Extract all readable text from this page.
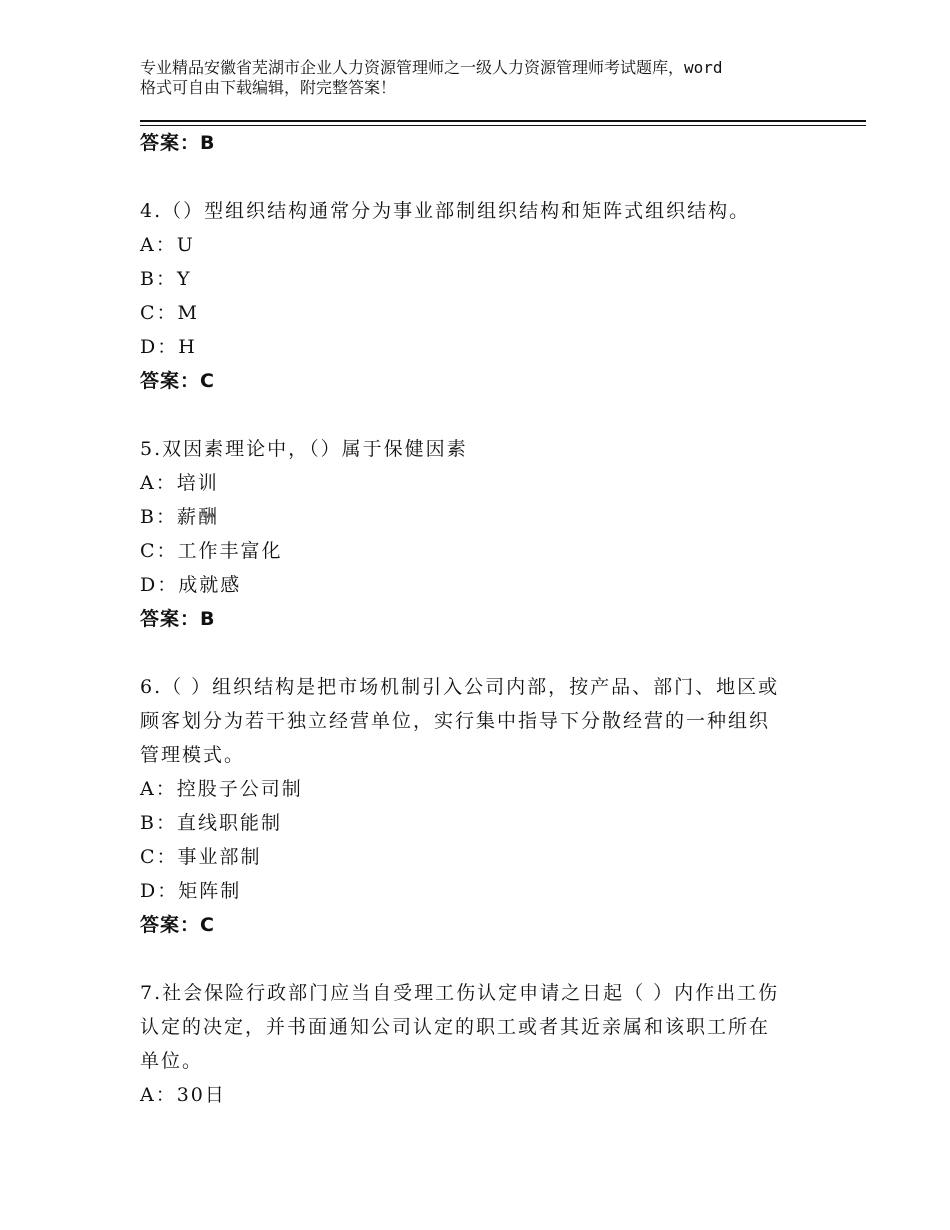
专业精品安徽省芜湖市企业人力资源管理师之一级人力资源管理师考试题库，word
格式可自由下载编辑，附完整答案！
答案：B
4.（）型组织结构通常分为事业部制组织结构和矩阵式组织结构。
A：U
B：Y
C：M
D：H
答案：C
5.双因素理论中，（）属于保健因素
A：培训
B：薪酬
C：工作丰富化
D：成就感
答案：B
6.（ ）组织结构是把市场机制引入公司内部，按产品、部门、地区或
顾客划分为若干独立经营单位，实行集中指导下分散经营的一种组织
管理模式。
A：控股子公司制
B：直线职能制
C：事业部制
D：矩阵制
答案：C
7.社会保险行政部门应当自受理工伤认定申请之日起（ ）内作出工伤
认定的决定，并书面通知公司认定的职工或者其近亲属和该职工所在
单位。
A：30日
